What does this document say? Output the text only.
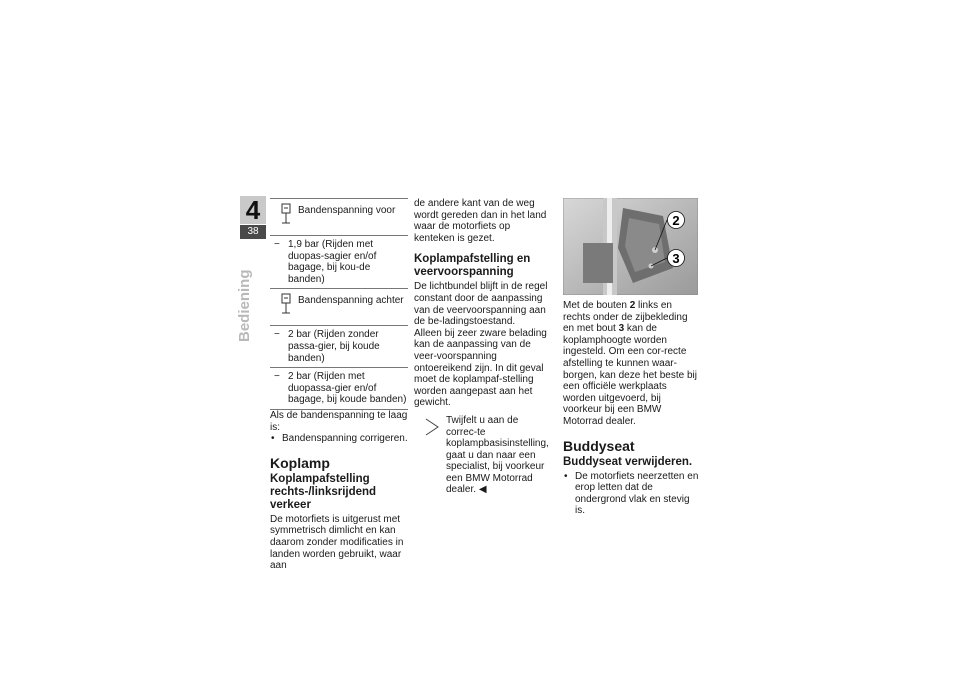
4
38
Bediening
Bandenspanning voor
− 1,9 bar (Rijden met duopas-sagier en/of bagage, bij kou-de banden)
Bandenspanning achter
− 2 bar (Rijden zonder passa-gier, bij koude banden)
− 2 bar (Rijden met duopassa-gier en/of bagage, bij koude banden)

Als de bandenspanning te laag is:

• Bandenspanning corrigeren.
Koplamp
Koplampafstelling rechts-/linksrijdend verkeer

De motorfiets is uitgerust met symmetrisch dimlicht en kan daarom zonder modificaties in landen worden gebruikt, waar aan

de andere kant van de weg wordt gereden dan in het land waar de motorfiets op kenteken is gezet.

Koplampafstelling en veervoorspanning

De lichtbundel blijft in de regel constant door de aanpassing van de veervoorspanning aan de be-ladingstoestand.

Alleen bij zeer zware belading kan de aanpassing van de veer-voorspanning ontoereikend zijn. In dit geval moet de koplampaf-stelling worden aangepast aan het gewicht.

Twijfelt u aan de correc-te koplampbasisinstelling, gaat u dan naar een specialist, bij voorkeur een BMW Motorrad dealer. ◀
2
3

Met de bouten 2 links en rechts onder de zijbekleding en met bout 3 kan de koplamphoogte worden ingesteld. Om een cor-recte afstelling te kunnen waar-borgen, kan deze het beste bij een officiële werkplaats worden uitgevoerd, bij voorkeur bij een BMW Motorrad dealer.

Buddyseat
Buddyseat verwijderen.
• De motorfiets neerzetten en erop letten dat de ondergrond vlak en stevig is.
